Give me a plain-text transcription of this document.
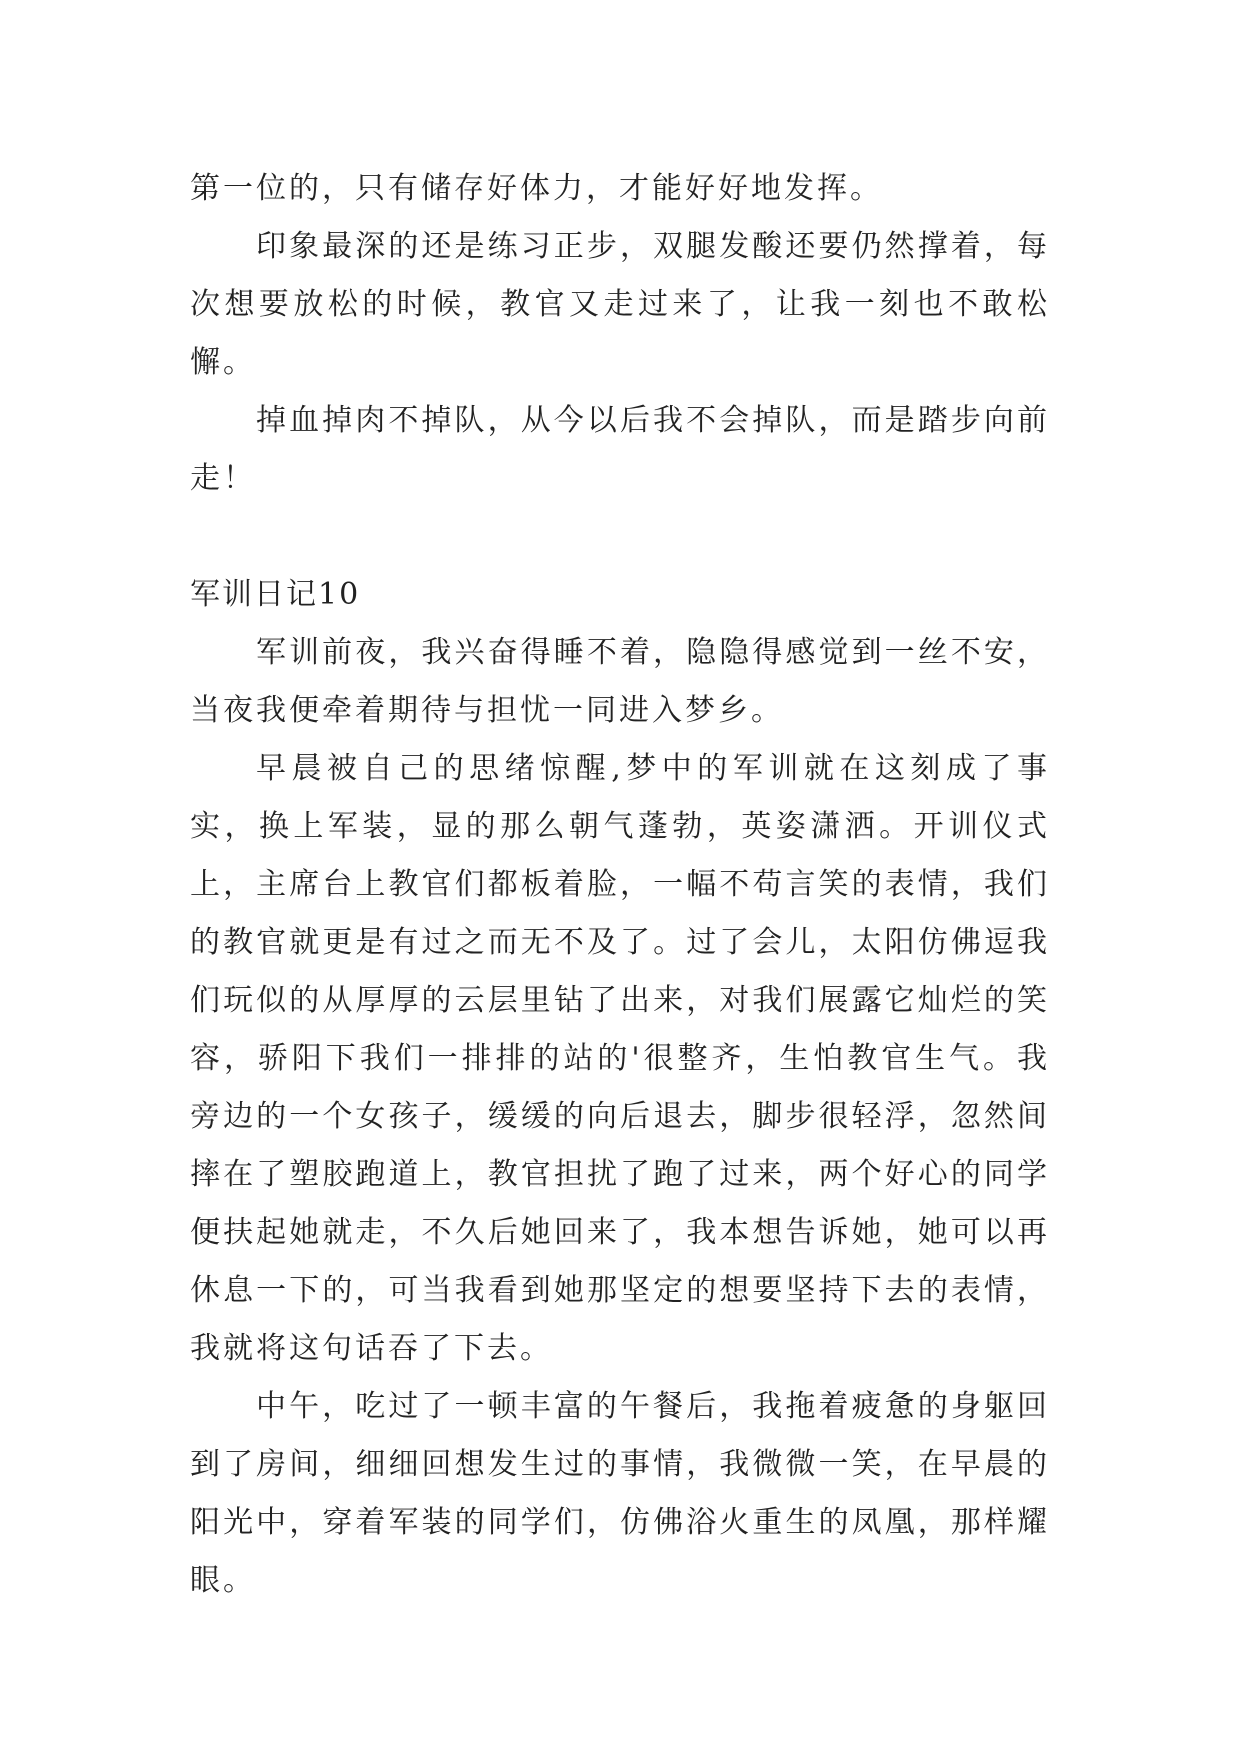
第一位的，只有储存好体力，才能好好地发挥。

印象最深的还是练习正步，双腿发酸还要仍然撑着，每次想要放松的时候，教官又走过来了，让我一刻也不敢松懈。

掉血掉肉不掉队，从今以后我不会掉队，而是踏步向前走！

军训日记10

军训前夜，我兴奋得睡不着，隐隐得感觉到一丝不安，当夜我便牵着期待与担忧一同进入梦乡。

早晨被自己的思绪惊醒,梦中的军训就在这刻成了事实，换上军装，显的那么朝气蓬勃，英姿潇洒。开训仪式上，主席台上教官们都板着脸，一幅不苟言笑的表情，我们的教官就更是有过之而无不及了。过了会儿，太阳仿佛逗我们玩似的从厚厚的云层里钻了出来，对我们展露它灿烂的笑容，骄阳下我们一排排的站的'很整齐，生怕教官生气。我旁边的一个女孩子，缓缓的向后退去，脚步很轻浮，忽然间摔在了塑胶跑道上，教官担扰了跑了过来，两个好心的同学便扶起她就走，不久后她回来了，我本想告诉她，她可以再休息一下的，可当我看到她那坚定的想要坚持下去的表情，我就将这句话吞了下去。

中午，吃过了一顿丰富的午餐后，我拖着疲惫的身躯回到了房间，细细回想发生过的事情，我微微一笑，在早晨的阳光中，穿着军装的同学们，仿佛浴火重生的凤凰，那样耀眼。
